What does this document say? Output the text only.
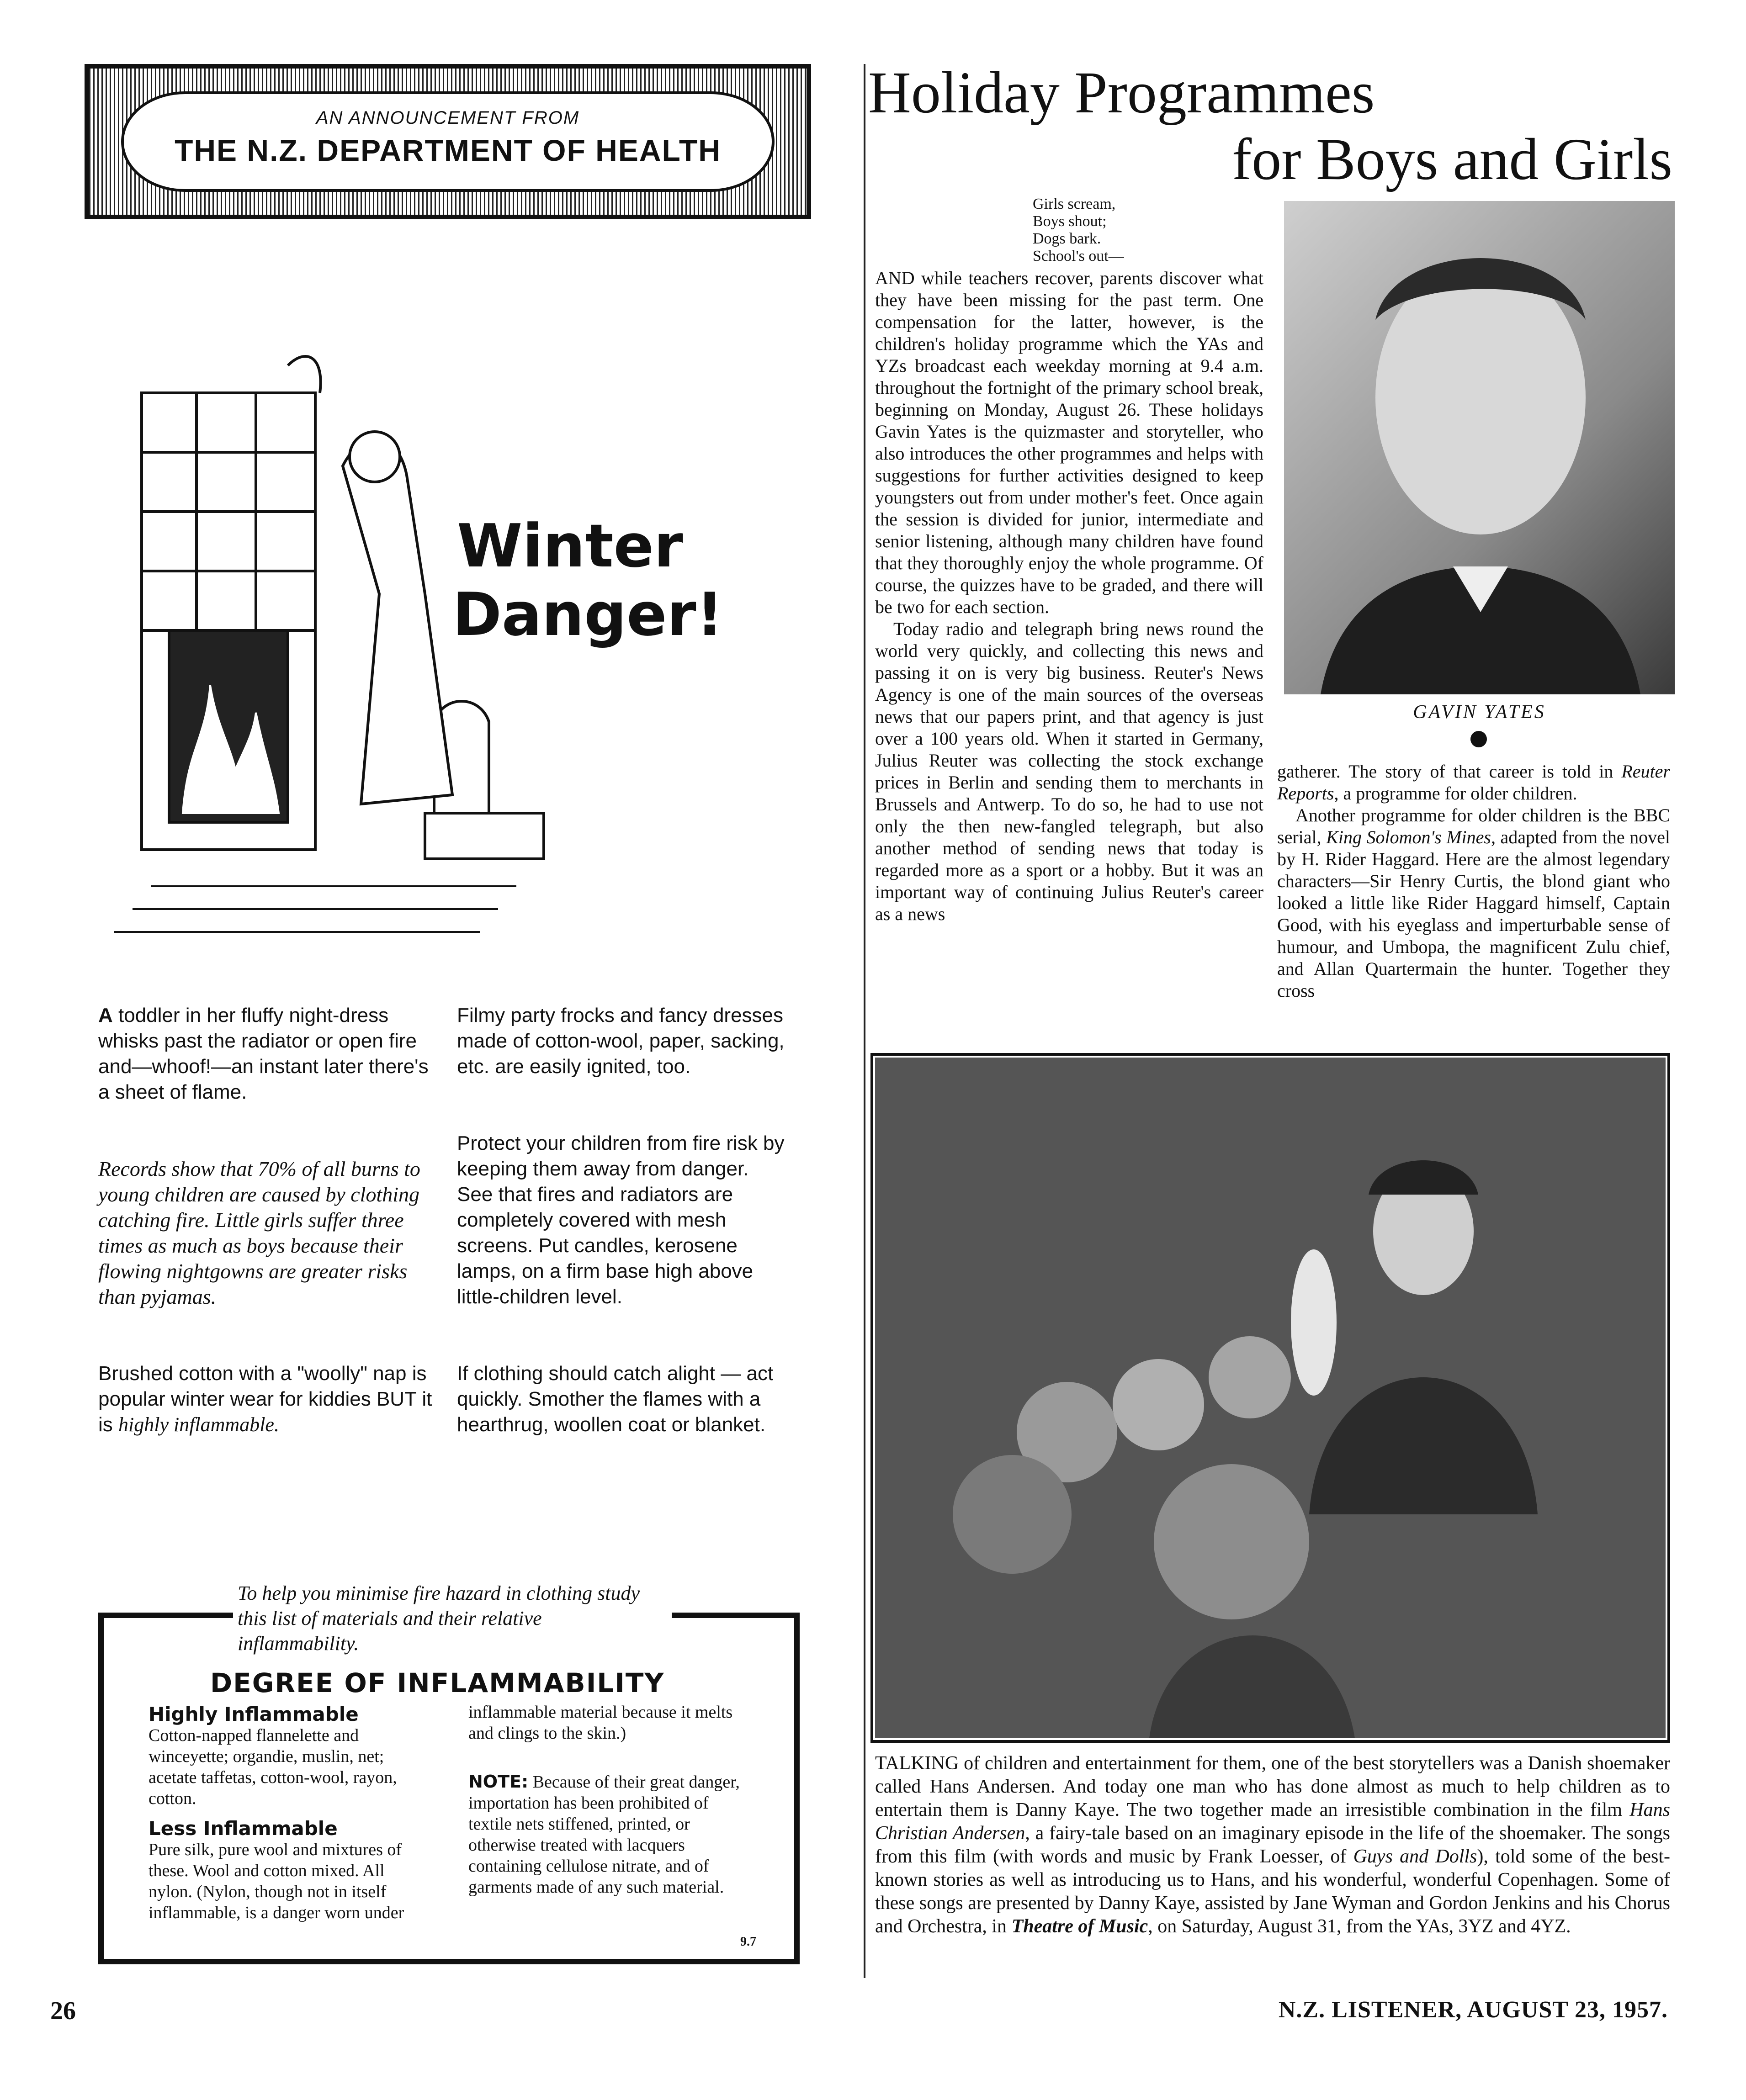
AN ANNOUNCEMENT FROM
THE N.Z. DEPARTMENT OF HEALTH
Winter
Danger!

A toddler in her fluffy night-dress whisks past the radiator or open fire and—whoof!—an instant later there's a sheet of flame.

Records show that 70% of all burns to young children are caused by clothing catching fire. Little girls suffer three times as much as boys because their flowing nightgowns are greater risks than pyjamas.

Brushed cotton with a "woolly" nap is popular winter wear for kiddies BUT it is highly inflammable.

Filmy party frocks and fancy dresses made of cotton-wool, paper, sacking, etc. are easily ignited, too.

Protect your children from fire risk by keeping them away from danger. See that fires and radiators are completely covered with mesh screens. Put candles, kerosene lamps, on a firm base high above little-children level.

If clothing should catch alight — act quickly. Smother the flames with a hearthrug, woollen coat or blanket.

To help you minimise fire hazard in clothing study this list of materials and their relative inflammability.
DEGREE OF INFLAMMABILITY
Highly Inflammable

Cotton-napped flannelette and winceyette; organdie, muslin, net; acetate taffetas, cotton-wool, rayon, cotton.

Less Inflammable

Pure silk, pure wool and mixtures of these. Wool and cotton mixed. All nylon. (Nylon, though not in itself inflammable, is a danger worn under

inflammable material because it melts and clings to the skin.)

NOTE: Because of their great danger, importation has been prohibited of textile nets stiffened, printed, or otherwise treated with lacquers containing cellulose nitrate, and of garments made of any such material.

9.7
Holiday Programmes
for Boys and Girls
Girls scream,
Boys shout;
Dogs bark.
School's out—
GAVIN YATES

AND while teachers recover, parents discover what they have been missing for the past term. One compensation for the latter, however, is the children's holiday programme which the YAs and YZs broadcast each weekday morning at 9.4 a.m. throughout the fortnight of the primary school break, beginning on Monday, August 26. These holidays Gavin Yates is the quizmaster and storyteller, who also introduces the other programmes and helps with suggestions for further activities designed to keep youngsters out from under mother's feet. Once again the session is divided for junior, intermediate and senior listening, although many children have found that they thoroughly enjoy the whole programme. Of course, the quizzes have to be graded, and there will be two for each section.

Today radio and telegraph bring news round the world very quickly, and collecting this news and passing it on is very big business. Reuter's News Agency is one of the main sources of the overseas news that our papers print, and that agency is just over a 100 years old. When it started in Germany, Julius Reuter was collecting the stock exchange prices in Berlin and sending them to merchants in Brussels and Antwerp. To do so, he had to use not only the then new-fangled telegraph, but also another method of sending news that today is regarded more as a sport or a hobby. But it was an important way of continuing Julius Reuter's career as a news

gatherer. The story of that career is told in Reuter Reports, a programme for older children.

Another programme for older children is the BBC serial, King Solomon's Mines, adapted from the novel by H. Rider Haggard. Here are the almost legendary characters—Sir Henry Curtis, the blond giant who looked a little like Rider Haggard himself, Captain Good, with his eyeglass and imperturbable sense of humour, and Umbopa, the magnificent Zulu chief, and Allan Quartermain the hunter. Together they cross

TALKING of children and entertainment for them, one of the best storytellers was a Danish shoemaker called Hans Andersen. And today one man who has done almost as much to help children as to entertain them is Danny Kaye. The two together made an irresistible combination in the film Hans Christian Andersen, a fairy-tale based on an imaginary episode in the life of the shoemaker. The songs from this film (with words and music by Frank Loesser, of Guys and Dolls), told some of the best-known stories as well as introducing us to Hans, and his wonderful, wonderful Copenhagen. Some of these songs are presented by Danny Kaye, assisted by Jane Wyman and Gordon Jenkins and his Chorus and Orchestra, in Theatre of Music, on Saturday, August 31, from the YAs, 3YZ and 4YZ.
26	N.Z. LISTENER, AUGUST 23, 1957.
